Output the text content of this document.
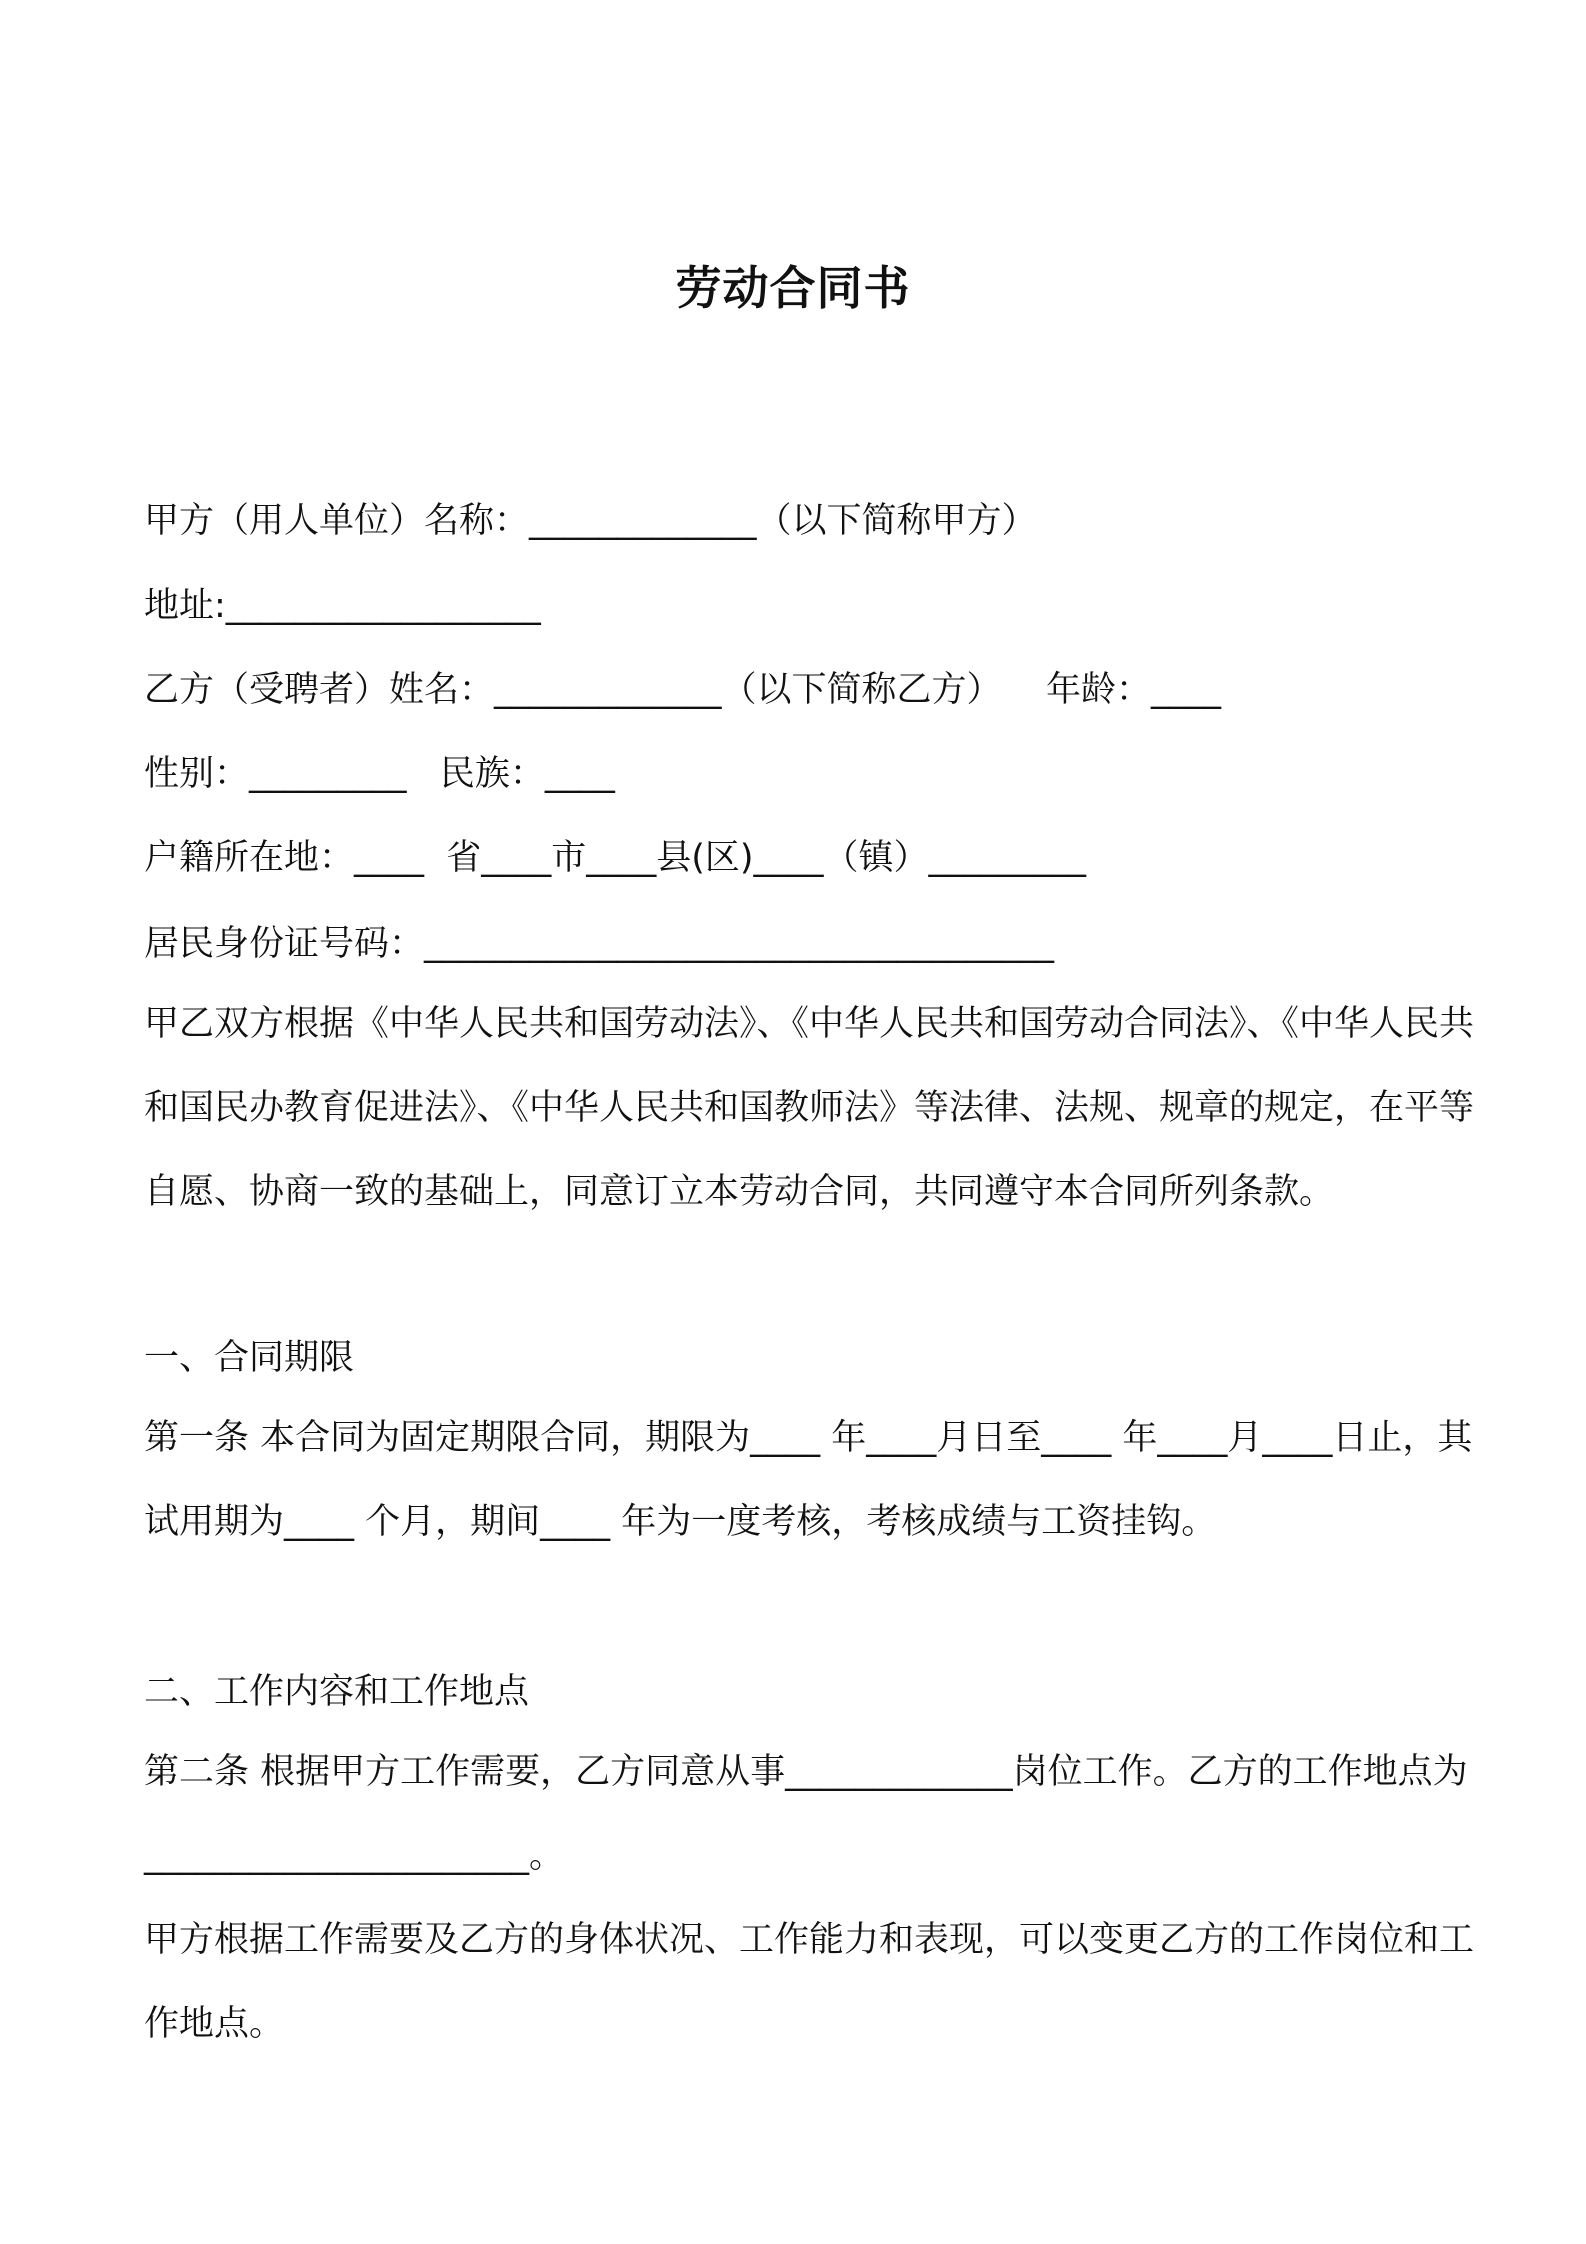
劳动合同书
甲方（用人单位）名称：_____________（以下简称甲方）
地址:__________________
乙方（受聘者）姓名：_____________（以下简称乙方）    年龄：____
性别：_________   民族：____
户籍所在地：____  省____市____县(区)____（镇）_________
居民身份证号码：____________________________________
甲乙双方根据《中华人民共和国劳动法》、《中华人民共和国劳动合同法》、《中华人民共和国民办教育促进法》、《中华人民共和国教师法》等法律、法规、规章的规定，在平等自愿、协商一致的基础上，同意订立本劳动合同，共同遵守本合同所列条款。
一、合同期限
第一条 本合同为固定期限合同，期限为____ 年____月日至____ 年____月____日止，其试用期为____ 个月，期间____ 年为一度考核，考核成绩与工资挂钩。
二、工作内容和工作地点
第二条 根据甲方工作需要，乙方同意从事_____________岗位工作。乙方的工作地点为______________________。
甲方根据工作需要及乙方的身体状况、工作能力和表现，可以变更乙方的工作岗位和工作地点。
